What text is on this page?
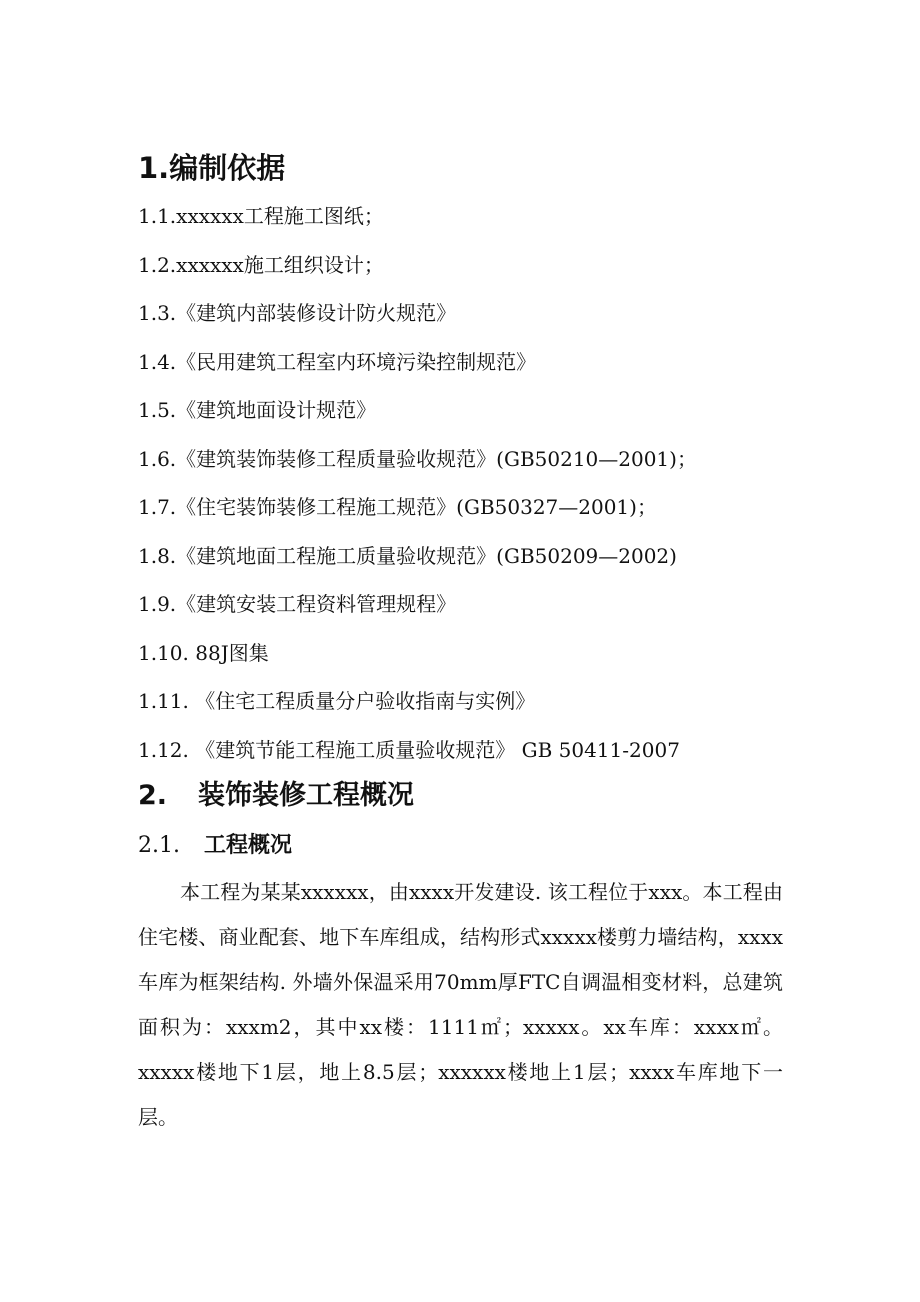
1.编制依据
1.1.xxxxxx工程施工图纸；
1.2.xxxxxx施工组织设计；
1.3.《建筑内部装修设计防火规范》
1.4.《民用建筑工程室内环境污染控制规范》
1.5.《建筑地面设计规范》
1.6.《建筑装饰装修工程质量验收规范》(GB50210—2001)；
1.7.《住宅装饰装修工程施工规范》(GB50327—2001)；
1.8.《建筑地面工程施工质量验收规范》(GB50209—2002)
1.9.《建筑安装工程资料管理规程》
1.10. 88J图集
1.11. 《住宅工程质量分户验收指南与实例》
1.12. 《建筑节能工程施工质量验收规范》 GB 50411-2007
2. 装饰装修工程概况
2.1. 工程概况

本工程为某某xxxxxx，由xxxx开发建设. 该工程位于xxx。本工程由住宅楼、商业配套、地下车库组成，结构形式xxxxx楼剪力墙结构，xxxx车库为框架结构. 外墙外保温采用70mm厚FTC自调温相变材料，总建筑面积为：xxxm2，其中xx楼：1111㎡；xxxxx。xx车库：xxxx㎡。xxxxx楼地下1层，地上8.5层；xxxxxx楼地上1层；xxxx车库地下一层。
